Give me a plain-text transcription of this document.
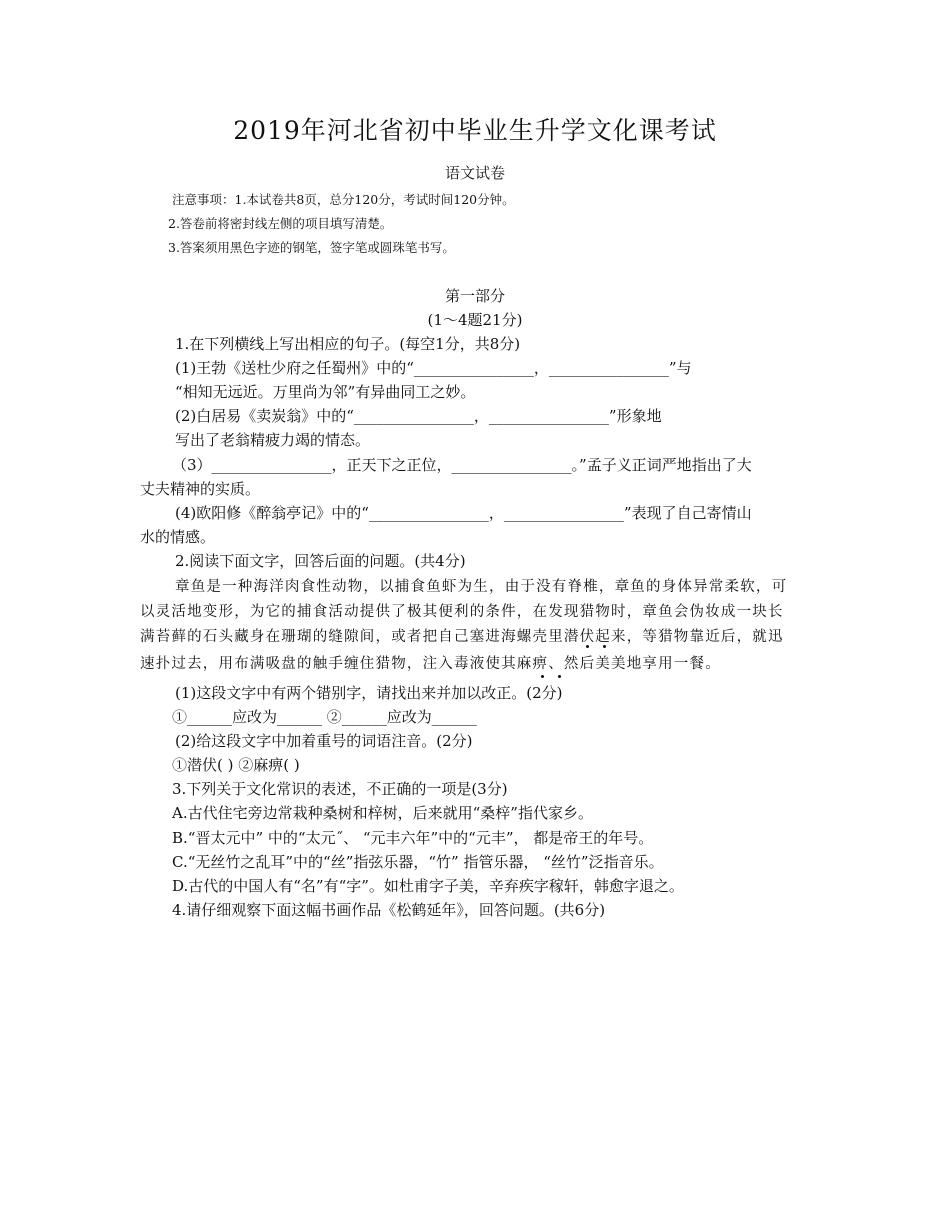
2019年河北省初中毕业生升学文化课考试
语文试卷
注意事项：1.本试卷共8页，总分120分，考试时间120分钟。
2.答卷前将密封线左侧的项目填写清楚。
3.答案须用黑色字迹的钢笔，签字笔或圆珠笔书写。
第一部分
(1～4题21分)
1.在下列横线上写出相应的句子。(每空1分，共8分)
(1)王勃《送杜少府之任蜀州》中的“________________，________________”与
“相知无远近。万里尚为邻”有异曲同工之妙。
(2)白居易《卖炭翁》中的“________________，________________”形象地
写出了老翁精疲力竭的情态。
（3）________________，正天下之正位，________________。”孟子义正词严地指出了大
丈夫精神的实质。
(4)欧阳修《醉翁亭记》中的“________________，________________”表现了自己寄情山
水的情感。
2.阅读下面文字，回答后面的问题。(共4分)
章鱼是一种海洋肉食性动物，以捕食鱼虾为生，由于没有脊椎，章鱼的身体异常柔软，可
以灵活地变形，为它的捕食活动提供了极其便利的条件，在发现猎物时，章鱼会伪妆成一块长
满苔藓的石头藏身在珊瑚的缝隙间，或者把自己塞进海螺壳里潜伏起来，等猎物靠近后，就迅
速扑过去，用布满吸盘的触手缠住猎物，注入毒液使其麻痹、然后美美地享用一餐。
(1)这段文字中有两个错别字，请找出来并加以改正。(2分)
①______应改为______ ②______应改为______
(2)给这段文字中加着重号的词语注音。(2分)
①潜伏( ) ②麻痹( )
3.下列关于文化常识的表述，不正确的一项是(3分)
A.古代住宅旁边常栽种桑树和梓树，后来就用“桑梓”指代家乡。
B.“晋太元中” 中的“太元˝、 “元丰六年”中的“元丰”， 都是帝王的年号。
C.“无丝竹之乱耳”中的“丝”指弦乐器，“竹” 指管乐器， “丝竹”泛指音乐。
D.古代的中国人有“名”有“字”。如杜甫字子美，辛弃疾字稼轩，韩愈字退之。
4.请仔细观察下面这幅书画作品《松鹤延年》，回答问题。(共6分)
